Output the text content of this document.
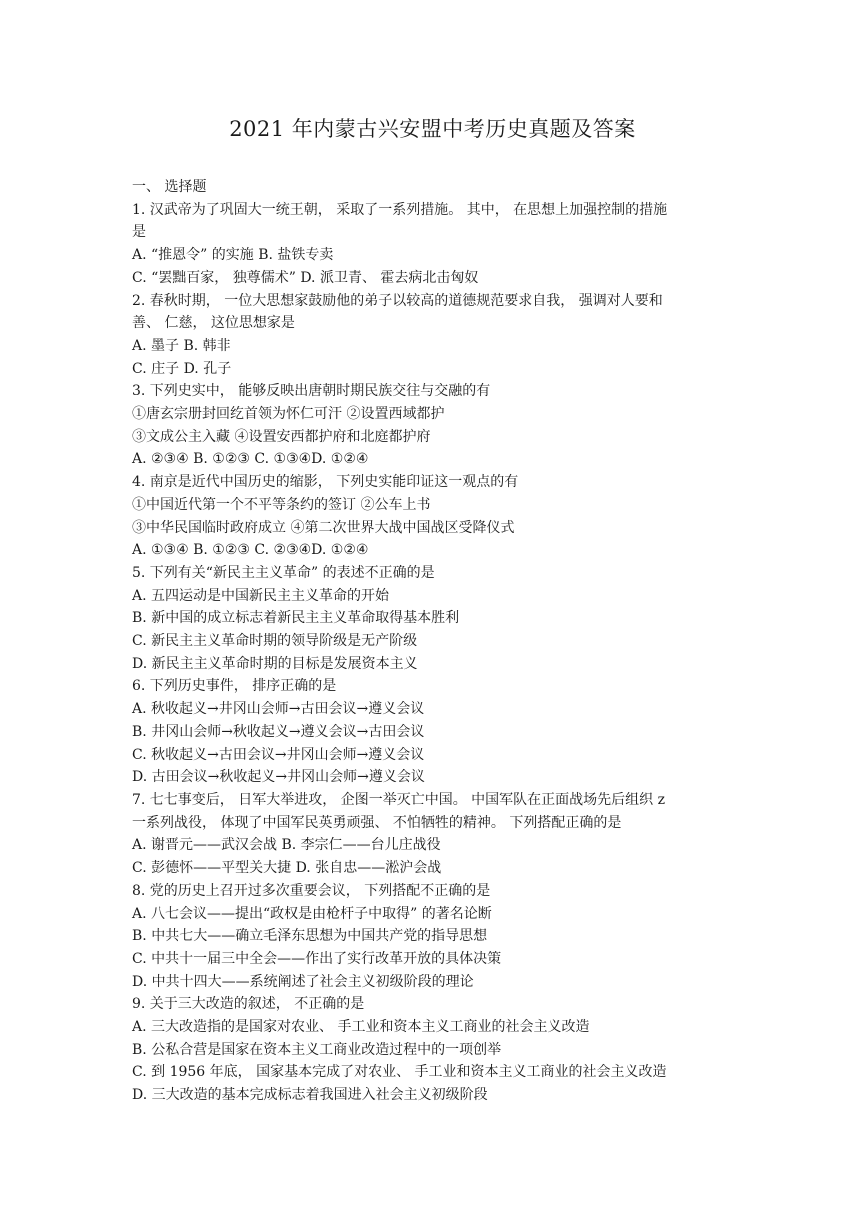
2021 年内蒙古兴安盟中考历史真题及答案

一、 选择题

1. 汉武帝为了巩固大一统王朝， 采取了一系列措施。 其中， 在思想上加强控制的措施

是

A. “推恩令” 的实施 B. 盐铁专卖

C. “罢黜百家， 独尊儒术” D. 派卫青、 霍去病北击匈奴

2. 春秋时期， 一位大思想家鼓励他的弟子以较高的道德规范要求自我， 强调对人要和

善、 仁慈， 这位思想家是

A. 墨子 B. 韩非

C. 庄子 D. 孔子

3. 下列史实中， 能够反映出唐朝时期民族交往与交融的有

①唐玄宗册封回纥首领为怀仁可汗 ②设置西域都护

③文成公主入藏 ④设置安西都护府和北庭都护府

A. ②③④ B. ①②③ C. ①③④D. ①②④

4. 南京是近代中国历史的缩影， 下列史实能印证这一观点的有

①中国近代第一个不平等条约的签订 ②公车上书

③中华民国临时政府成立 ④第二次世界大战中国战区受降仪式

A. ①③④ B. ①②③ C. ②③④D. ①②④

5. 下列有关“新民主主义革命” 的表述不正确的是

A. 五四运动是中国新民主主义革命的开始

B. 新中国的成立标志着新民主主义革命取得基本胜利

C. 新民主主义革命时期的领导阶级是无产阶级

D. 新民主主义革命时期的目标是发展资本主义

6. 下列历史事件， 排序正确的是

A. 秋收起义→井冈山会师→古田会议→遵义会议

B. 井冈山会师→秋收起义→遵义会议→古田会议

C. 秋收起义→古田会议→井冈山会师→遵义会议

D. 古田会议→秋收起义→井冈山会师→遵义会议

7. 七七事变后， 日军大举进攻， 企图一举灭亡中国。 中国军队在正面战场先后组织 z

一系列战役， 体现了中国军民英勇顽强、 不怕牺牲的精神。 下列搭配正确的是

A. 谢晋元——武汉会战 B. 李宗仁——台儿庄战役

C. 彭德怀——平型关大捷 D. 张自忠——淞沪会战

8. 党的历史上召开过多次重要会议， 下列搭配不正确的是

A. 八七会议——提出“政权是由枪杆子中取得” 的著名论断

B. 中共七大——确立毛泽东思想为中国共产党的指导思想

C. 中共十一届三中全会——作出了实行改革开放的具体决策

D. 中共十四大——系统阐述了社会主义初级阶段的理论

9. 关于三大改造的叙述， 不正确的是

A. 三大改造指的是国家对农业、 手工业和资本主义工商业的社会主义改造

B. 公私合营是国家在资本主义工商业改造过程中的一项创举

C. 到 1956 年底， 国家基本完成了对农业、 手工业和资本主义工商业的社会主义改造

D. 三大改造的基本完成标志着我国进入社会主义初级阶段
